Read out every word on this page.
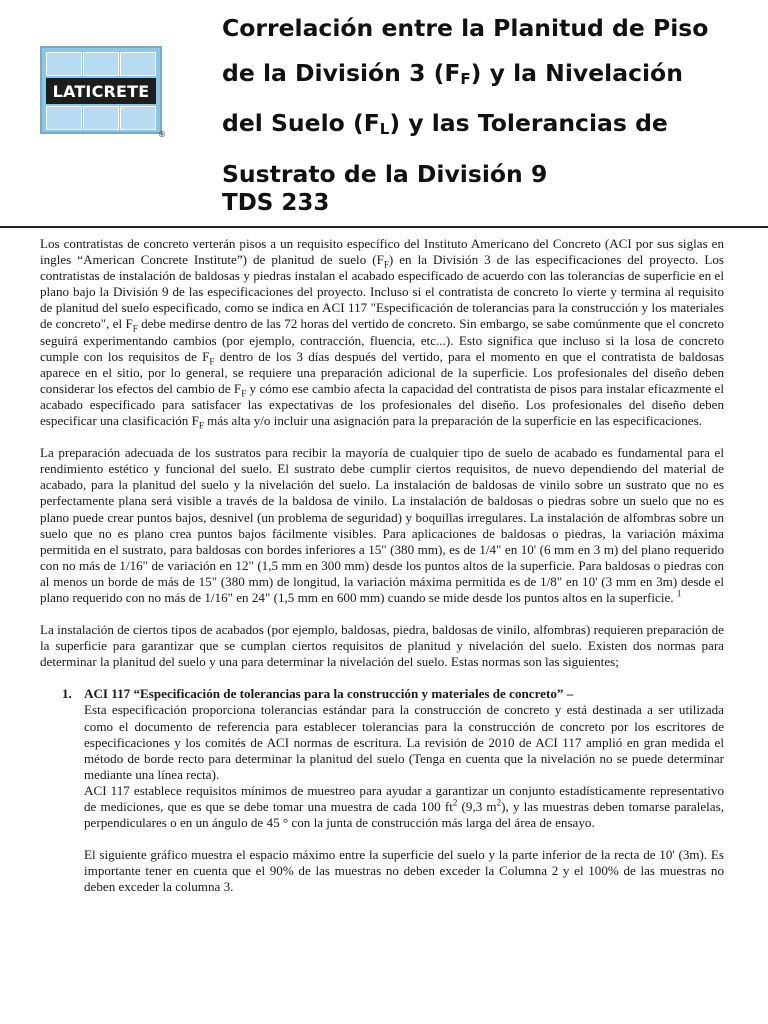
LATICRETE
®
Correlación entre la Planitud de Piso
de la División 3 $(F_F)$ y la Nivelación
del Suelo $(F_L)$ y las Tolerancias de
Sustrato de la División 9
TDS 233

Los contratistas de concreto verterán pisos a un requisito específico del Instituto Americano del Concreto (ACI por sus siglas en ingles “American Concrete Institute”) de planitud de suelo $(F_F)$ en la División 3 de las especificaciones del proyecto. Los contratistas de instalación de baldosas y piedras instalan el acabado especificado de acuerdo con las tolerancias de superficie en el plano bajo la División 9 de las especificaciones del proyecto. Incluso si el contratista de concreto lo vierte y termina al requisito de planitud del suelo especificado, como se indica en ACI 117 "Especificación de tolerancias para la construcción y los materiales de concreto", el $F_F$ debe medirse dentro de las 72 horas del vertido de concreto. Sin embargo, se sabe comúnmente que el concreto seguirá experimentando cambios (por ejemplo, contracción, fluencia, etc...). Esto significa que incluso si la losa de concreto cumple con los requisitos de $F_F$ dentro de los 3 días después del vertido, para el momento en que el contratista de baldosas aparece en el sitio, por lo general, se requiere una preparación adicional de la superficie. Los profesionales del diseño deben considerar los efectos del cambio de $F_F$ y cómo ese cambio afecta la capacidad del contratista de pisos para instalar eficazmente el acabado especificado para satisfacer las expectativas de los profesionales del diseño. Los profesionales del diseño deben especificar una clasificación $F_F$ más alta y/o incluir una asignación para la preparación de la superficie en las especificaciones.

La preparación adecuada de los sustratos para recibir la mayoría de cualquier tipo de suelo de acabado es fundamental para el rendimiento estético y funcional del suelo. El sustrato debe cumplir ciertos requisitos, de nuevo dependiendo del material de acabado, para la planitud del suelo y la nivelación del suelo. La instalación de baldosas de vinilo sobre un sustrato que no es perfectamente plana será visible a través de la baldosa de vinilo. La instalación de baldosas o piedras sobre un suelo que no es plano puede crear puntos bajos, desnivel (un problema de seguridad) y boquillas irregulares. La instalación de alfombras sobre un suelo que no es plano crea puntos bajos fácilmente visibles. Para aplicaciones de baldosas o piedras, la variación máxima permitida en el sustrato, para baldosas con bordes inferiores a 15" (380 mm), es de 1/4" en 10' (6 mm en 3 m) del plano requerido con no más de 1/16" de variación en 12" (1,5 mm en 300 mm) desde los puntos altos de la superficie. Para baldosas o piedras con al menos un borde de más de 15" (380 mm) de longitud, la variación máxima permitida es de 1/8" en 10' (3 mm en 3m) desde el plano requerido con no más de 1/16" en 24" (1,5 mm en 600 mm) cuando se mide desde los puntos altos en la superficie. $^1$

La instalación de ciertos tipos de acabados (por ejemplo, baldosas, piedra, baldosas de vinilo, alfombras) requieren preparación de la superficie para garantizar que se cumplan ciertos requisitos de planitud y nivelación del suelo. Existen dos normas para determinar la planitud del suelo y una para determinar la nivelación del suelo. Estas normas son las siguientes;

1. ACI 117 “Especificación de tolerancias para la construcción y materiales de concreto” –

Esta especificación proporciona tolerancias estándar para la construcción de concreto y está destinada a ser utilizada como el documento de referencia para establecer tolerancias para la construcción de concreto por los escritores de especificaciones y los comités de ACI normas de escritura. La revisión de 2010 de ACI 117 amplió en gran medida el método de borde recto para determinar la planitud del suelo (Tenga en cuenta que la nivelación no se puede determinar mediante una línea recta).

ACI 117 establece requisitos mínimos de muestreo para ayudar a garantizar un conjunto estadísticamente representativo de mediciones, que es que se debe tomar una muestra de cada 100 $ft^2$ (9,3 $m^2$), y las muestras deben tomarse paralelas, perpendiculares o en un ángulo de 45 ° con la junta de construcción más larga del área de ensayo.

El siguiente gráfico muestra el espacio máximo entre la superficie del suelo y la parte inferior de la recta de 10' (3m). Es importante tener en cuenta que el 90% de las muestras no deben exceder la Columna 2 y el 100% de las muestras no deben exceder la columna 3.
